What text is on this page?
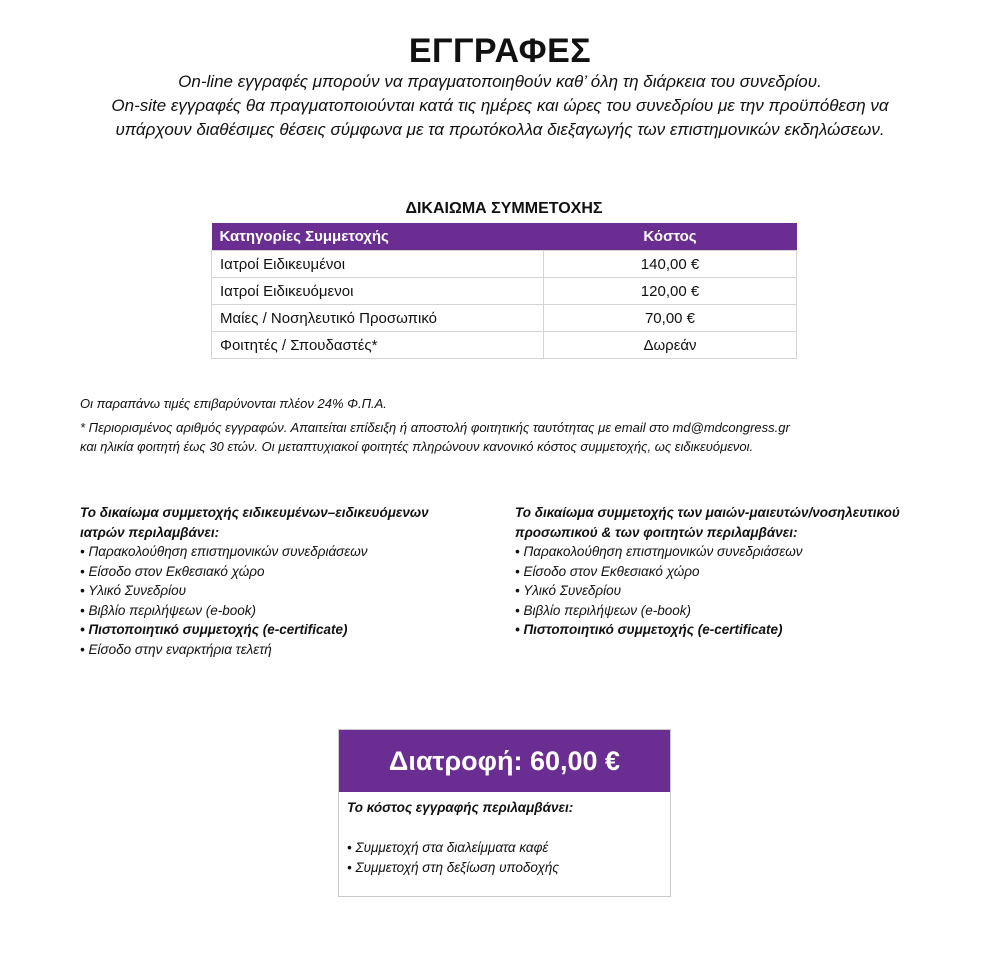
ΕΓΓΡΑΦΕΣ
On-line εγγραφές μπορούν να πραγματοποιηθούν καθ’ όλη τη διάρκεια του συνεδρίου.
On-site εγγραφές θα πραγματοποιούνται κατά τις ημέρες και ώρες του συνεδρίου με την προϋπόθεση να
υπάρχουν διαθέσιμες θέσεις σύμφωνα με τα πρωτόκολλα διεξαγωγής των επιστημονικών εκδηλώσεων.
ΔΙΚΑΙΩΜΑ ΣΥΜΜΕΤΟΧΗΣ
Κατηγορίες Συμμετοχής	Κόστος
Ιατροί Ειδικευμένοι	140,00 €
Ιατροί Ειδικευόμενοι	120,00 €
Μαίες / Νοσηλευτικό Προσωπικό	70,00 €
Φοιτητές / Σπουδαστές*	Δωρεάν
Οι παραπάνω τιμές επιβαρύνονται πλέον 24% Φ.Π.Α.
* Περιορισμένος αριθμός εγγραφών. Απαιτείται επίδειξη ή αποστολή φοιτητικής ταυτότητας με email στο md@mdcongress.gr
και ηλικία φοιτητή έως 30 ετών. Οι μεταπτυχιακοί φοιτητές πληρώνουν κανονικό κόστος συμμετοχής, ως ειδικευόμενοι.
Το δικαίωμα συμμετοχής ειδικευμένων–ειδικευόμενων
ιατρών περιλαμβάνει:
• Παρακολούθηση επιστημονικών συνεδριάσεων
• Είσοδο στον Εκθεσιακό χώρο
• Υλικό Συνεδρίου
• Βιβλίο περιλήψεων (e-book)
• Πιστοποιητικό συμμετοχής (e-certificate)
• Είσοδο στην εναρκτήρια τελετή
Το δικαίωμα συμμετοχής των μαιών-μαιευτών/νοσηλευτικού
προσωπικού & των φοιτητών περιλαμβάνει:
• Παρακολούθηση επιστημονικών συνεδριάσεων
• Είσοδο στον Εκθεσιακό χώρο
• Υλικό Συνεδρίου
• Βιβλίο περιλήψεων (e-book)
• Πιστοποιητικό συμμετοχής (e-certificate)
Διατροφή: 60,00 €
Το κόστος εγγραφής περιλαμβάνει:
• Συμμετοχή στα διαλείμματα καφέ
• Συμμετοχή στη δεξίωση υποδοχής
